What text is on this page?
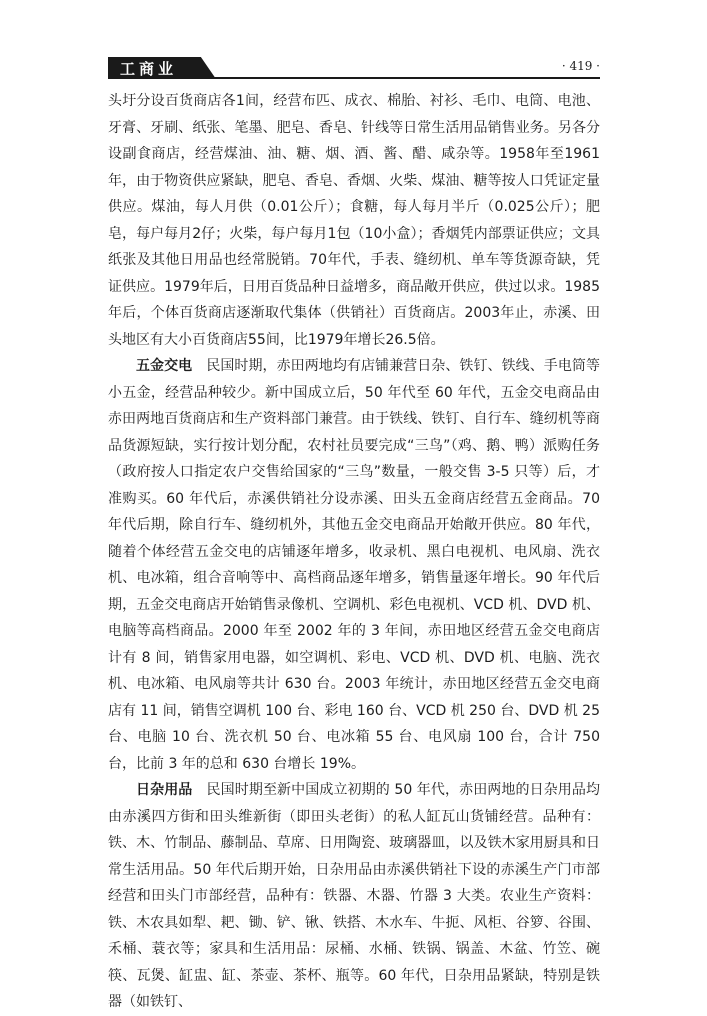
工商业	· 419 ·

头圩分设百货商店各1间，经营布匹、成衣、棉胎、衬衫、毛巾、电筒、电池、牙膏、牙刷、纸张、笔墨、肥皂、香皂、针线等日常生活用品销售业务。另各分设副食商店，经营煤油、油、糖、烟、酒、酱、醋、咸杂等。1958年至1961年，由于物资供应紧缺，肥皂、香皂、香烟、火柴、煤油、糖等按人口凭证定量供应。煤油，每人月供（0.01公斤）；食糖，每人每月半斤（0.025公斤）；肥皂，每户每月2仔；火柴，每户每月1包（10小盒）；香烟凭内部票证供应；文具纸张及其他日用品也经常脱销。70年代，手表、缝纫机、单车等货源奇缺，凭证供应。1979年后，日用百货品种日益增多，商品敞开供应，供过以求。1985年后，个体百货商店逐渐取代集体（供销社）百货商店。2003年止，赤溪、田头地区有大小百货商店55间，比1979年增长26.5倍。

五金交电　 民国时期，赤田两地均有店铺兼营日杂、铁钉、铁线、手电筒等小五金，经营品种较少。新中国成立后，50 年代至 60 年代，五金交电商品由赤田两地百货商店和生产资料部门兼营。由于铁线、铁钉、自行车、缝纫机等商品货源短缺，实行按计划分配，农村社员要完成“三鸟”（鸡、鹅、鸭）派购任务（政府按人口指定农户交售给国家的“三鸟”数量，一般交售 3-5 只等）后，才准购买。60 年代后，赤溪供销社分设赤溪、田头五金商店经营五金商品。70 年代后期，除自行车、缝纫机外，其他五金交电商品开始敞开供应。80 年代，随着个体经营五金交电的店铺逐年增多，收录机、黑白电视机、电风扇、洗衣机、电冰箱，组合音响等中、高档商品逐年增多，销售量逐年增长。90 年代后期，五金交电商店开始销售录像机、空调机、彩色电视机、VCD 机、DVD 机、电脑等高档商品。2000 年至 2002 年的 3 年间，赤田地区经营五金交电商店计有 8 间，销售家用电器，如空调机、彩电、VCD 机、DVD 机、电脑、洗衣机、电冰箱、电风扇等共计 630 台。2003 年统计，赤田地区经营五金交电商店有 11 间，销售空调机 100 台、彩电 160 台、VCD 机 250 台、DVD 机 25 台、电脑 10 台、洗衣机 50 台、电冰箱 55 台、电风扇 100 台，合计 750 台，比前 3 年的总和 630 台增长 19%。

日杂用品　 民国时期至新中国成立初期的 50 年代，赤田两地的日杂用品均由赤溪四方街和田头维新街（即田头老街）的私人缸瓦山货铺经营。品种有：铁、木、竹制品、藤制品、草席、日用陶瓷、玻璃器皿，以及铁木家用厨具和日常生活用品。50 年代后期开始，日杂用品由赤溪供销社下设的赤溪生产门市部经营和田头门市部经营，品种有：铁器、木器、竹器 3 大类。农业生产资料：铁、木农具如犁、耙、锄、铲、锹、铁搭、木水车、牛扼、风柜、谷箩、谷围、禾桶、蓑衣等；家具和生活用品：尿桶、水桶、铁锅、锅盖、木盆、竹笠、碗筷、瓦煲、缸盅、缸、茶壶、茶杯、瓶等。60 年代，日杂用品紧缺，特别是铁器（如铁钉、
